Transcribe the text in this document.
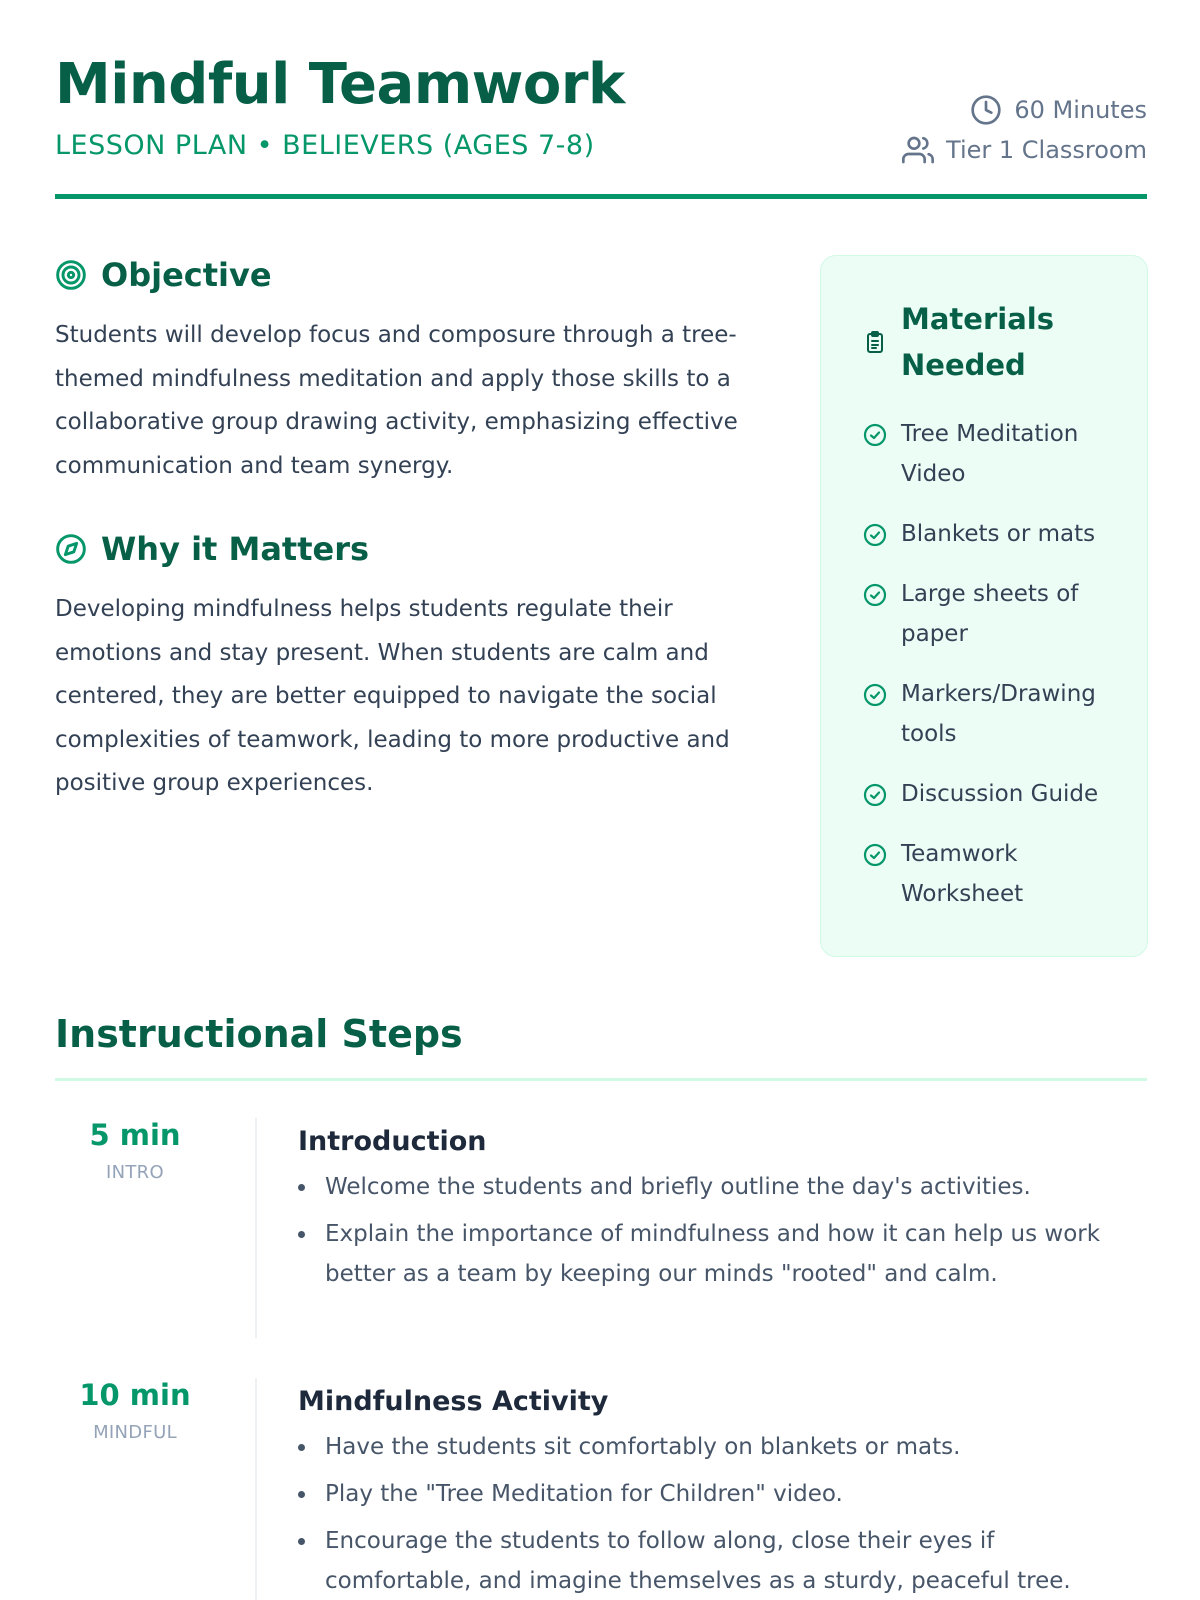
Mindful Teamwork
LESSON PLAN • BELIEVERS (AGES 7-8)
60 Minutes
Tier 1 Classroom
Objective

Students will develop focus and composure through a tree-themed mindfulness meditation and apply those skills to a collaborative group drawing activity, emphasizing effective communication and team synergy.

Why it Matters

Developing mindfulness helps students regulate their emotions and stay present. When students are calm and centered, they are better equipped to navigate the social complexities of teamwork, leading to more productive and positive group experiences.

Materials Needed
Tree Meditation Video
Blankets or mats
Large sheets of paper
Markers/Drawing tools
Discussion Guide
Teamwork Worksheet
Instructional Steps
5 min
INTRO
Introduction
Welcome the students and briefly outline the day's activities.
Explain the importance of mindfulness and how it can help us work better as a team by keeping our minds "rooted" and calm.
10 min
MINDFUL
Mindfulness Activity
Have the students sit comfortably on blankets or mats.
Play the "Tree Meditation for Children" video.
Encourage the students to follow along, close their eyes if comfortable, and imagine themselves as a sturdy, peaceful tree.
